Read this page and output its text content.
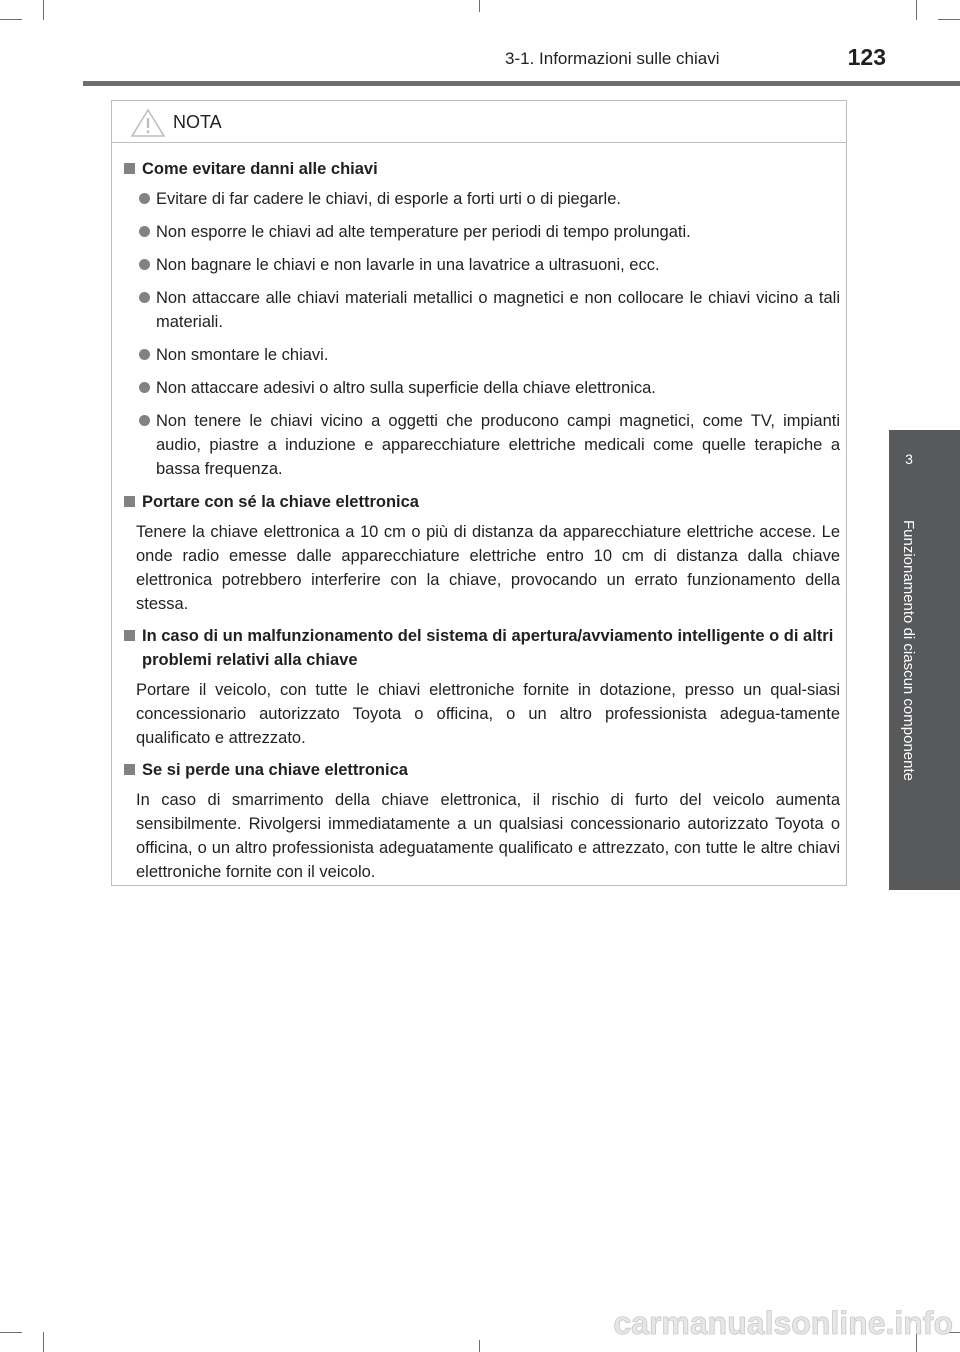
3-1. Informazioni sulle chiavi	123
3
Funzionamento di ciascun componente
NOTA
Come evitare danni alle chiavi
Evitare di far cadere le chiavi, di esporle a forti urti o di piegarle.
Non esporre le chiavi ad alte temperature per periodi di tempo prolungati.
Non bagnare le chiavi e non lavarle in una lavatrice a ultrasuoni, ecc.
Non attaccare alle chiavi materiali metallici o magnetici e non collocare le chiavi vicino a tali materiali.
Non smontare le chiavi.
Non attaccare adesivi o altro sulla superficie della chiave elettronica.
Non tenere le chiavi vicino a oggetti che producono campi magnetici, come TV, impianti audio, piastre a induzione e apparecchiature elettriche medicali come quelle terapiche a bassa frequenza.
Portare con sé la chiave elettronica
Tenere la chiave elettronica a 10 cm o più di distanza da apparecchiature elettriche accese. Le onde radio emesse dalle apparecchiature elettriche entro 10 cm di distanza dalla chiave elettronica potrebbero interferire con la chiave, provocando un errato funzionamento della stessa.
In caso di un malfunzionamento del sistema di apertura/avviamento intelligente o di altri problemi relativi alla chiave
Portare il veicolo, con tutte le chiavi elettroniche fornite in dotazione, presso un qual-siasi concessionario autorizzato Toyota o officina, o un altro professionista adegua-tamente qualificato e attrezzato.
Se si perde una chiave elettronica
In caso di smarrimento della chiave elettronica, il rischio di furto del veicolo aumenta sensibilmente. Rivolgersi immediatamente a un qualsiasi concessionario autorizzato Toyota o officina, o un altro professionista adeguatamente qualificato e attrezzato, con tutte le altre chiavi elettroniche fornite con il veicolo.
carmanualsonline.info
